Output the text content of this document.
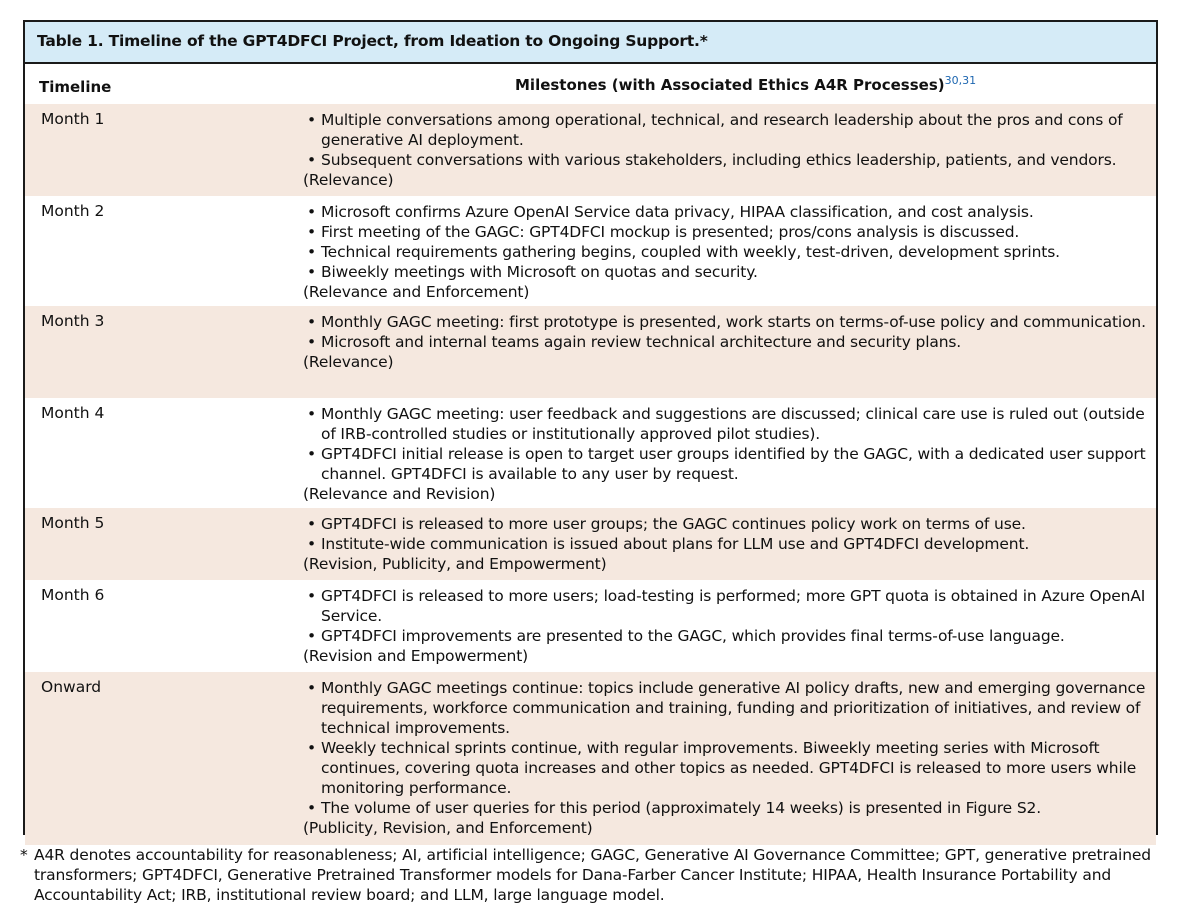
Table 1. Timeline of the GPT4DFCI Project, from Ideation to Ongoing Support.*
Timeline	Milestones (with Associated Ethics A4R Processes)$^{30,31}$
Month 1	• Multiple conversations among operational, technical, and research leadership about the pros and cons of generative AI deployment.
• Subsequent conversations with various stakeholders, including ethics leadership, patients, and vendors.
(Relevance)
Month 2	• Microsoft confirms Azure OpenAI Service data privacy, HIPAA classification, and cost analysis.
• First meeting of the GAGC: GPT4DFCI mockup is presented; pros/cons analysis is discussed.
• Technical requirements gathering begins, coupled with weekly, test-driven, development sprints.
• Biweekly meetings with Microsoft on quotas and security.
(Relevance and Enforcement)
Month 3	• Monthly GAGC meeting: first prototype is presented, work starts on terms-of-use policy and communication.
• Microsoft and internal teams again review technical architecture and security plans.
(Relevance)
Month 4	• Monthly GAGC meeting: user feedback and suggestions are discussed; clinical care use is ruled out (outside of IRB-controlled studies or institutionally approved pilot studies).
• GPT4DFCI initial release is open to target user groups identified by the GAGC, with a dedicated user support channel. GPT4DFCI is available to any user by request.
(Relevance and Revision)
Month 5	• GPT4DFCI is released to more user groups; the GAGC continues policy work on terms of use.
• Institute-wide communication is issued about plans for LLM use and GPT4DFCI development.
(Revision, Publicity, and Empowerment)
Month 6	• GPT4DFCI is released to more users; load-testing is performed; more GPT quota is obtained in Azure OpenAI Service.
• GPT4DFCI improvements are presented to the GAGC, which provides final terms-of-use language.
(Revision and Empowerment)
Onward	• Monthly GAGC meetings continue: topics include generative AI policy drafts, new and emerging governance requirements, workforce communication and training, funding and prioritization of initiatives, and review of technical improvements.
• Weekly technical sprints continue, with regular improvements. Biweekly meeting series with Microsoft continues, covering quota increases and other topics as needed. GPT4DFCI is released to more users while monitoring performance.
• The volume of user queries for this period (approximately 14 weeks) is presented in Figure S2.
(Publicity, Revision, and Enforcement)
* A4R denotes accountability for reasonableness; AI, artificial intelligence; GAGC, Generative AI Governance Committee; GPT, generative pretrained transformers; GPT4DFCI, Generative Pretrained Transformer models for Dana-Farber Cancer Institute; HIPAA, Health Insurance Portability and Accountability Act; IRB, institutional review board; and LLM, large language model.
